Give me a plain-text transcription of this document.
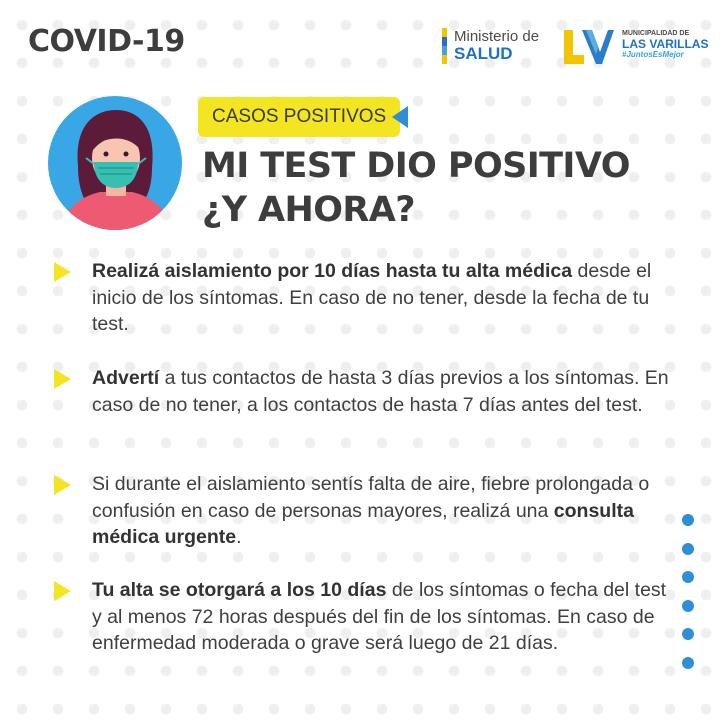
COVID-19	Ministerio de
SALUD
MUNICIPALIDAD DE
LAS VARILLAS
#JuntosEsMejor
CASOS POSITIVOS
MI TEST DIO POSITIVO
¿Y AHORA?
Realizá aislamiento por 10 días hasta tu alta médica desde el inicio de los síntomas. En caso de no tener, desde la fecha de tu test.
Advertí a tus contactos de hasta 3 días previos a los síntomas. En caso de no tener, a los contactos de hasta 7 días antes del test.
Si durante el aislamiento sentís falta de aire, fiebre prolongada o confusión en caso de personas mayores, realizá una consulta médica urgente.
Tu alta se otorgará a los 10 días de los síntomas o fecha del test y al menos 72 horas después del fin de los síntomas. En caso de enfermedad moderada o grave será luego de 21 días.
